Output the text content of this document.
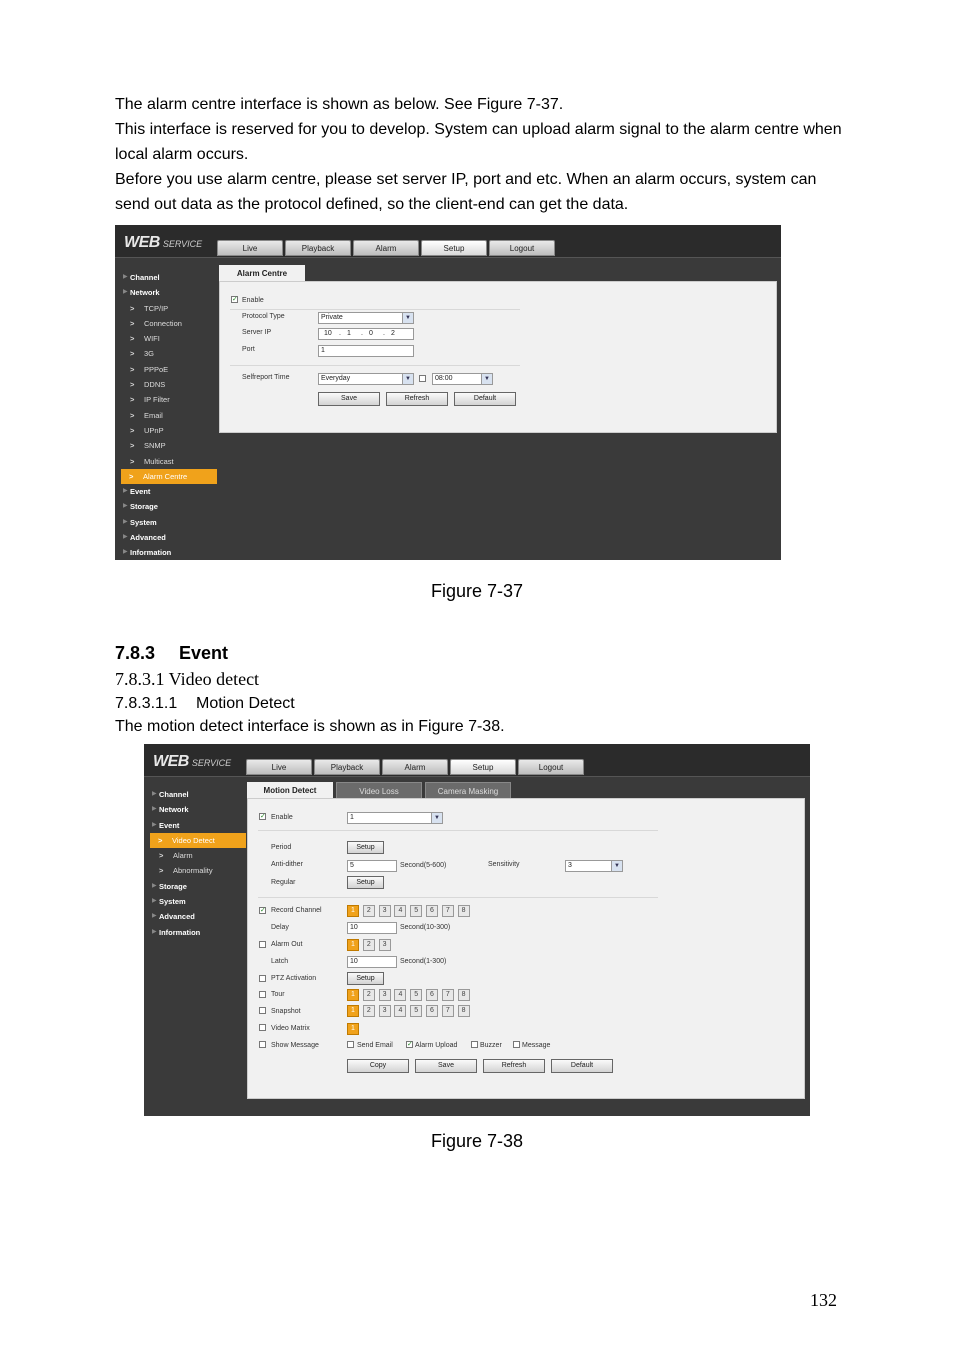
The alarm centre interface is shown as below. See Figure 7-37.
This interface is reserved for you to develop. System can upload alarm signal to the alarm centre when local alarm occurs.
Before you use alarm centre, please set server IP, port and etc. When an alarm occurs, system can send out data as the protocol defined, so the client-end can get the data.
WEB SERVICE	Live	Playback	Alarm	Setup	Logout
▶ Channel
▶ Network
> TCP/IP
> Connection
> WIFI
> 3G
> PPPoE
> DDNS
> IP Filter
> Email
> UPnP
> SNMP
> Multicast
> Alarm Centre
▶ Event
▶ Storage
▶ System
▶ Advanced
▶ Information
Alarm Centre
✓ Enable
Protocol Type	Private	▼
Server IP	10 . 1 . 0 . 2
Port	1
Selfreport Time	Everyday	▼	08:00	▼
Save	Refresh	Default
Figure 7-37
7.8.3 Event
7.8.3.1 Video detect
7.8.3.1.1 Motion Detect
The motion detect interface is shown as in Figure 7-38.
WEB SERVICE	Live	Playback	Alarm	Setup	Logout
▶ Channel
▶ Network
▶ Event
> Video Detect
> Alarm
> Abnormality
▶ Storage
▶ System
▶ Advanced
▶ Information
Motion Detect	Video Loss	Camera Masking
✓ Enable	1	▼
Period	Setup
Anti-dither	5	Second(5-600)	Sensitivity	3	▼
Regular	Setup
✓ Record Channel	1	2	3	4	5	6	7	8
Delay	10	Second(10-300)
Alarm Out	1	2	3
Latch	10	Second(1-300)
PTZ Activation	Setup
Tour	1	2	3	4	5	6	7	8
Snapshot	1	2	3	4	5	6	7	8
Video Matrix	1
Show Message	Send Email ✓ Alarm Upload	Buzzer	Message
Copy	Save	Refresh	Default
Figure 7-38
132
